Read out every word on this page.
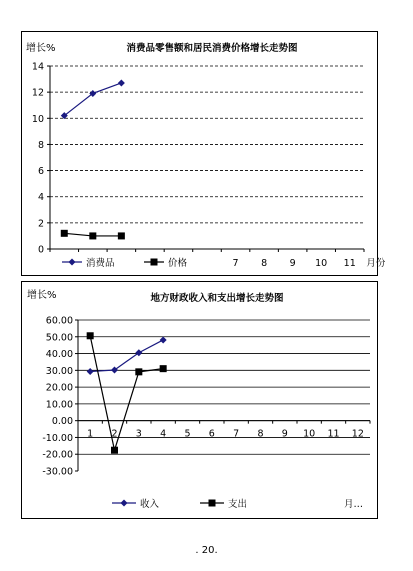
增长%	消费品零售额和居民消费价格增长走势图
0
2
4
6
8
10
12
14
消费品	价格	7 8 9 10 11 月份
增长%	地方财政收入和支出增长走势图
60.00
50.00
40.00
30.00
20.00
10.00
0.00
-10.00
-20.00
-30.00
1 2 3 4 5 6 7 8 9 10 11 12
收入	支出	月…
. 20.
